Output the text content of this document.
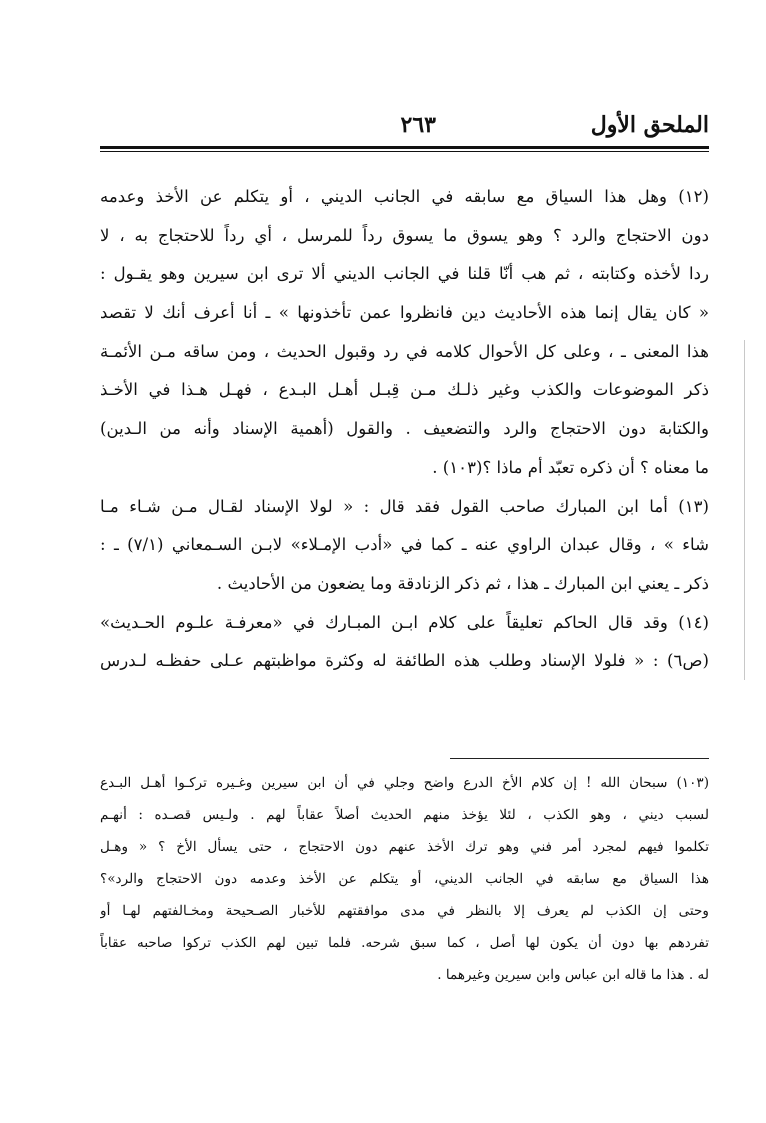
الملحق الأول
٢٦٣
(١٢) وهل هذا السياق مع سابقه في الجانب الديني ، أو يتكلم عن الأخذ وعدمه
دون الاحتجاج والرد ؟ وهو يسوق ما يسوق رداً للمرسل ، أي رداً للاحتجاج به ، لا
ردا لأخذه وكتابته ، ثم هب أنّا قلنا في الجانب الديني ألا ترى ابن سيرين وهو يقـول :
« كان يقال إنما هذه الأحاديث دين فانظروا عمن تأخذونها » ـ أنا أعرف أنك لا تقصد
هذا المعنى ـ ، وعلى كل الأحوال كلامه في رد وقبول الحديث ، ومن ساقه مـن الأئمـة
ذكر الموضوعات والكذب وغير ذلـك مـن قِبـل أهـل البـدع ، فهـل هـذا في الأخـذ
والكتابة دون الاحتجاج والرد والتضعيف . والقول (أهمية الإسناد وأنه من الـدين)
ما معناه ؟ أن ذكره تعبّد أم ماذا ؟(١٠٣) .
(١٣) أما ابن المبارك صاحب القول فقد قال : « لولا الإسناد لقـال مـن شـاء مـا
شاء » ، وقال عبدان الراوي عنه ـ كما في «أدب الإمـلاء» لابـن السـمعاني (٧/١) ـ :
ذكر ـ يعني ابن المبارك ـ هذا ، ثم ذكر الزنادقة وما يضعون من الأحاديث .
(١٤) وقد قال الحاكم تعليقاً على كلام ابـن المبـارك في «معرفـة علـوم الحـديث»
(ص٦) : « فلولا الإسناد وطلب هذه الطائفة له وكثرة مواظبتهم عـلى حفظـه لـدرس
(١٠٣) سبحان الله ! إن كلام الأخ الدرع واضح وجلي في أن ابن سيرين وغـيره تركـوا أهـل البـدع
لسبب ديني ، وهو الكذب ، لئلا يؤخذ منهم الحديث أصلاً عقاباً لهم . ولـيس قصـده : أنهـم
تكلموا فيهم لمجرد أمر فني وهو ترك الأخذ عنهم دون الاحتجاج ، حتى يسأل الأخ ؟ « وهـل
هذا السياق مع سابقه في الجانب الديني، أو يتكلم عن الأخذ وعدمه دون الاحتجاج والرد»؟
وحتى إن الكذب لم يعرف إلا بالنظر في مدى موافقتهم للأخبار الصـحيحة ومخـالفتهم لهـا أو
تفردهم بها دون أن يكون لها أصل ، كما سبق شرحه. فلما تبين لهم الكذب تركوا صاحبه عقاباً
له . هذا ما قاله ابن عباس وابن سيرين وغيرهما .
